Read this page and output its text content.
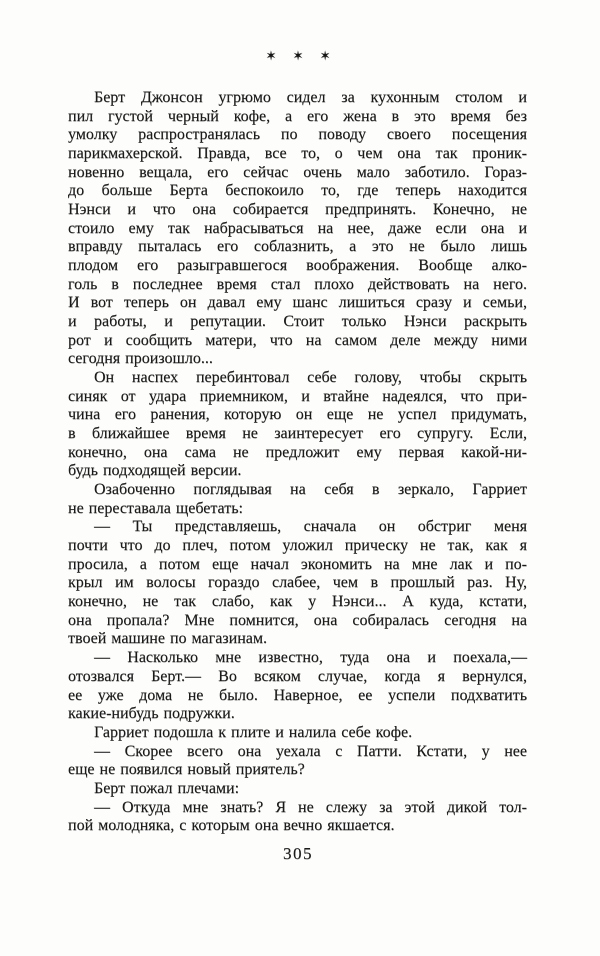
✶ ✶ ✶
Берт Джонсон угрюмо сидел за кухонным столом и
пил густой черный кофе, а его жена в это время без
умолку распространялась по поводу своего посещения
парикмахерской. Правда, все то, о чем она так проник-
новенно вещала, его сейчас очень мало заботило. Гораз-
до больше Берта беспокоило то, где теперь находится
Нэнси и что она собирается предпринять. Конечно, не
стоило ему так набрасываться на нее, даже если она и
вправду пыталась его соблазнить, а это не было лишь
плодом его разыгравшегося воображения. Вообще алко-
голь в последнее время стал плохо действовать на него.
И вот теперь он давал ему шанс лишиться сразу и семьи,
и работы, и репутации. Стоит только Нэнси раскрыть
рот и сообщить матери, что на самом деле между ними
сегодня произошло...
Он наспех перебинтовал себе голову, чтобы скрыть
синяк от удара приемником, и втайне надеялся, что при-
чина его ранения, которую он еще не успел придумать,
в ближайшее время не заинтересует его супругу. Если,
конечно, она сама не предложит ему первая какой-ни-
будь подходящей версии.
Озабоченно поглядывая на себя в зеркало, Гарриет
не переставала щебетать:
— Ты представляешь, сначала он обстриг меня
почти что до плеч, потом уложил прическу не так, как я
просила, а потом еще начал экономить на мне лак и по-
крыл им волосы гораздо слабее, чем в прошлый раз. Ну,
конечно, не так слабо, как у Нэнси... А куда, кстати,
она пропала? Мне помнится, она собиралась сегодня на
твоей машине по магазинам.
— Насколько мне известно, туда она и поехала,—
отозвался Берт.— Во всяком случае, когда я вернулся,
ее уже дома не было. Наверное, ее успели подхватить
какие-нибудь подружки.
Гарриет подошла к плите и налила себе кофе.
— Скорее всего она уехала с Патти. Кстати, у нее
еще не появился новый приятель?
Берт пожал плечами:
— Откуда мне знать? Я не слежу за этой дикой тол-
пой молодняка, с которым она вечно якшается.
305
